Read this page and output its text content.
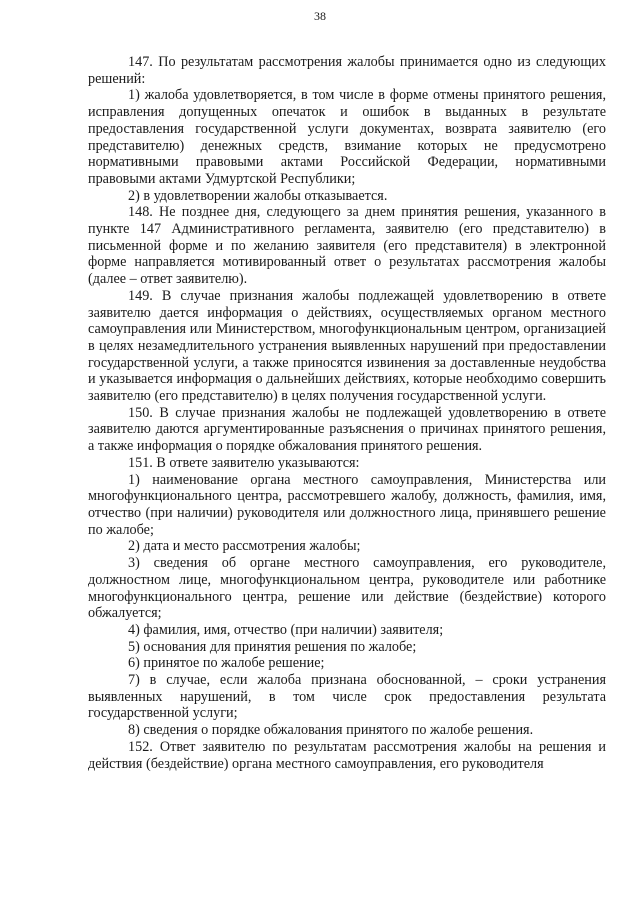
38

147. По результатам рассмотрения жалобы принимается одно из следующих решений:

1) жалоба удовлетворяется, в том числе в форме отмены принятого решения, исправления допущенных опечаток и ошибок в выданных в результате предоставления государственной услуги документах, возврата заявителю (его представителю) денежных средств, взимание которых не предусмотрено нормативными правовыми актами Российской Федерации, нормативными правовыми актами Удмуртской Республики;

2) в удовлетворении жалобы отказывается.

148. Не позднее дня, следующего за днем принятия решения, указанного в пункте 147 Административного регламента, заявителю (его представителю) в письменной форме и по желанию заявителя (его представителя) в электронной форме направляется мотивированный ответ о результатах рассмотрения жалобы (далее – ответ заявителю).

149. В случае признания жалобы подлежащей удовлетворению в ответе заявителю дается информация о действиях, осуществляемых органом местного самоуправления или Министерством, многофункциональным центром, организацией в целях незамедлительного устранения выявленных нарушений при предоставлении государственной услуги, а также приносятся извинения за доставленные неудобства и указывается информация о дальнейших действиях, которые необходимо совершить заявителю (его представителю) в целях получения государственной услуги.

150. В случае признания жалобы не подлежащей удовлетворению в ответе заявителю даются аргументированные разъяснения о причинах принятого решения, а также информация о порядке обжалования принятого решения.

151. В ответе заявителю указываются:

1) наименование органа местного самоуправления, Министерства или многофункционального центра, рассмотревшего жалобу, должность, фамилия, имя, отчество (при наличии) руководителя или должностного лица, принявшего решение по жалобе;

2) дата и место рассмотрения жалобы;

3) сведения об органе местного самоуправления, его руководителе, должностном лице, многофункциональном центра, руководителе или работнике многофункционального центра, решение или действие (бездействие) которого обжалуется;

4) фамилия, имя, отчество (при наличии) заявителя;

5) основания для принятия решения по жалобе;

6) принятое по жалобе решение;

7) в случае, если жалоба признана обоснованной, – сроки устранения выявленных нарушений, в том числе срок предоставления результата государственной услуги;

8) сведения о порядке обжалования принятого по жалобе решения.

152. Ответ заявителю по результатам рассмотрения жалобы на решения и действия (бездействие) органа местного самоуправления, его руководителя
